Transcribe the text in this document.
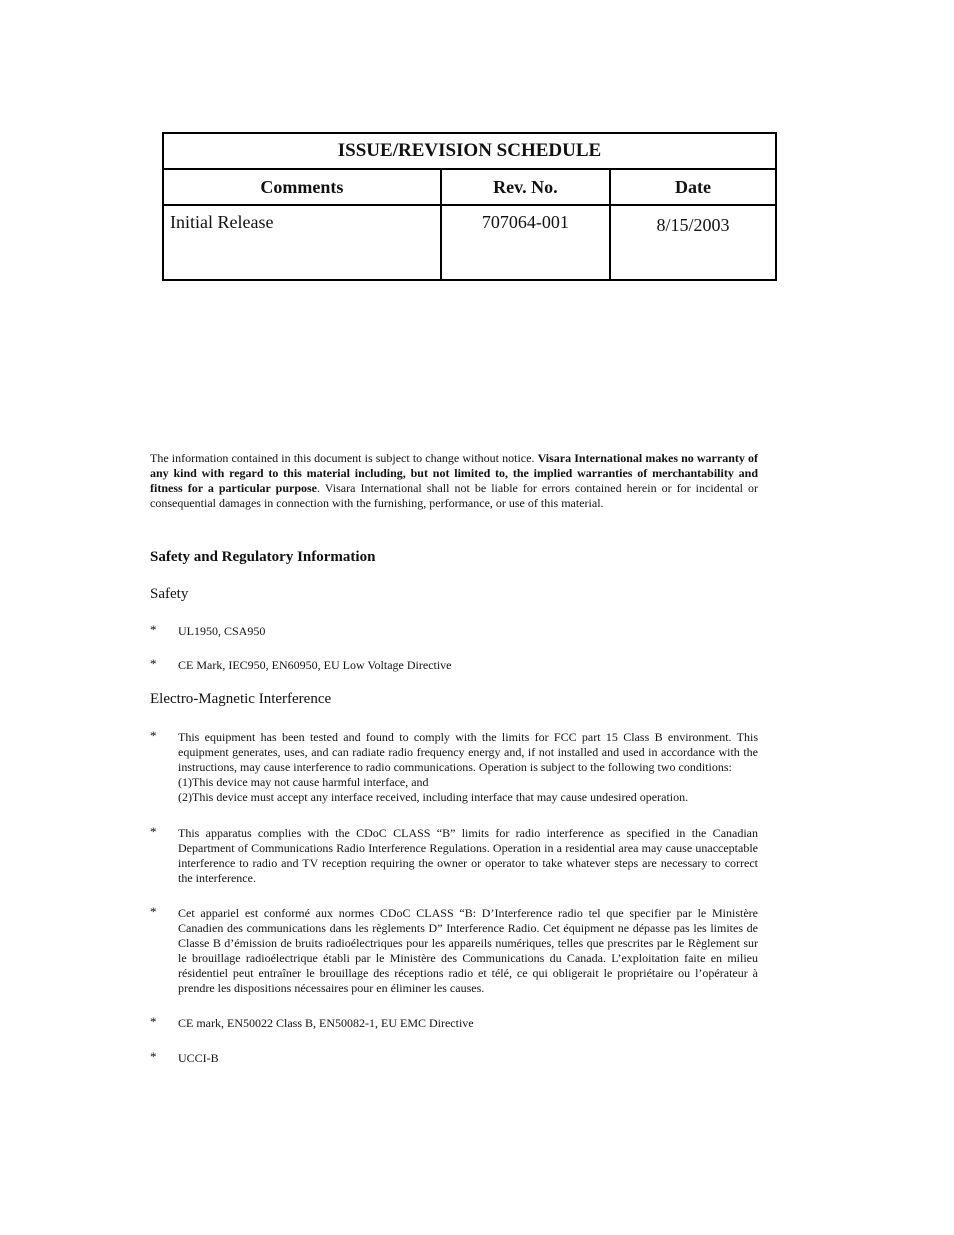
ISSUE/REVISION SCHEDULE		
Comments	Rev. No.	Date
Initial Release	707064-001	8/15/2003
The information contained in this document is subject to change without notice. Visara International makes no warranty of any kind with regard to this material including, but not limited to, the implied warranties of merchantability and fitness for a particular purpose. Visara International shall not be liable for errors contained herein or for incidental or consequential damages in connection with the furnishing, performance, or use of this material.
Safety and Regulatory Information
Safety
* UL1950, CSA950
* CE Mark, IEC950, EN60950, EU Low Voltage Directive
Electro-Magnetic Interference
* This equipment has been tested and found to comply with the limits for FCC part 15 Class B environment. This equipment generates, uses, and can radiate radio frequency energy and, if not installed and used in accordance with the instructions, may cause interference to radio communications. Operation is subject to the following two conditions:
(1)This device may not cause harmful interface, and
(2)This device must accept any interface received, including interface that may cause undesired operation.
* This apparatus complies with the CDoC CLASS “B” limits for radio interference as specified in the Canadian Department of Communications Radio Interference Regulations. Operation in a residential area may cause unacceptable interference to radio and TV reception requiring the owner or operator to take whatever steps are necessary to correct the interference.
* Cet appariel est conformé aux normes CDoC CLASS “B: D’Interference radio tel que specifier par le Ministère Canadien des communications dans les règlements D” Interference Radio. Cet équipment ne dépasse pas les limites de Classe B d’émission de bruits radioélectriques pour les appareils numériques, telles que prescrites par le Règlement sur le brouillage radioélectrique établi par le Ministère des Communications du Canada. L’exploitation faite en milieu résidentiel peut entraîner le brouillage des réceptions radio et télé, ce qui obligerait le propriétaire ou l’opérateur à prendre les dispositions nécessaires pour en éliminer les causes.
* CE mark, EN50022 Class B, EN50082-1, EU EMC Directive
* UCCI-B
